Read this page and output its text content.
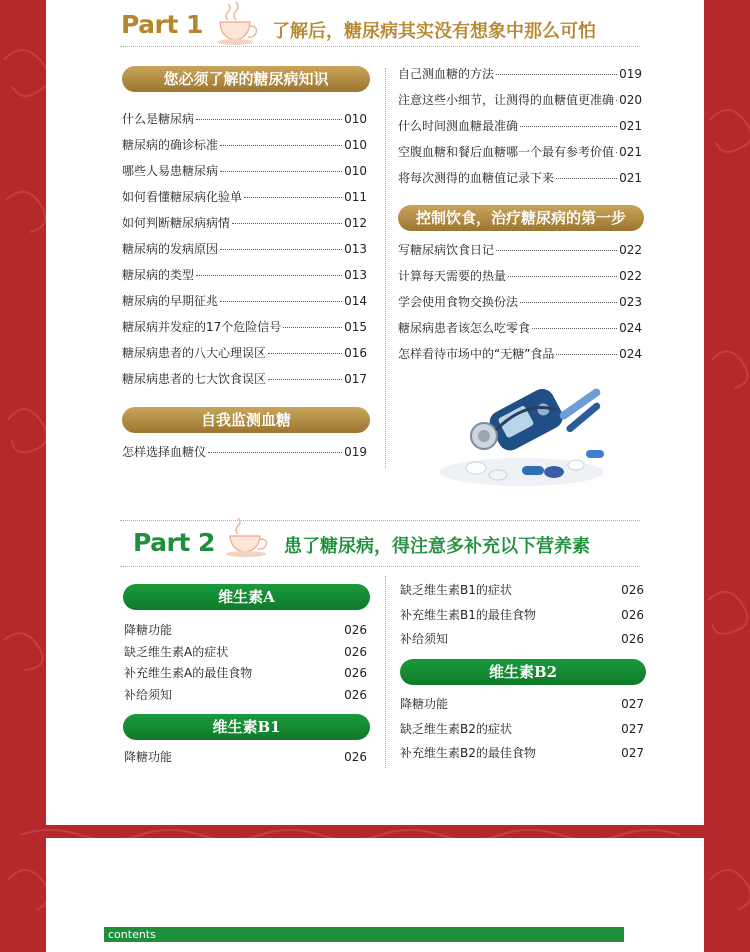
Part 1	了解后，糖尿病其实没有想象中那么可怕
您必须了解的糖尿病知识
什么是糖尿病	010
糖尿病的确诊标准	010
哪些人易患糖尿病	010
如何看懂糖尿病化验单	011
如何判断糖尿病病情	012
糖尿病的发病原因	013
糖尿病的类型	013
糖尿病的早期征兆	014
糖尿病并发症的17个危险信号	015
糖尿病患者的八大心理误区	016
糖尿病患者的七大饮食误区	017
自我监测血糖
怎样选择血糖仪	019
自己测血糖的方法	019
注意这些小细节，让测得的血糖值更准确 020
什么时间测血糖最准确	021
空腹血糖和餐后血糖哪一个最有参考价值 021
将每次测得的血糖值记录下来	021
控制饮食，治疗糖尿病的第一步
写糖尿病饮食日记	022
计算每天需要的热量	022
学会使用食物交换份法	023
糖尿病患者该怎么吃零食	024
怎样看待市场中的“无糖”食品	024
Part 2	患了糖尿病，得注意多补充以下营养素
维生素A
降糖功能	026
缺乏维生素A的症状	026
补充维生素A的最佳食物	026
补给须知	026
维生素B1
降糖功能	026
缺乏维生素B1的症状	026
补充维生素B1的最佳食物	026
补给须知	026
维生素B2
降糖功能	027
缺乏维生素B2的症状	027
补充维生素B2的最佳食物	027
contents
